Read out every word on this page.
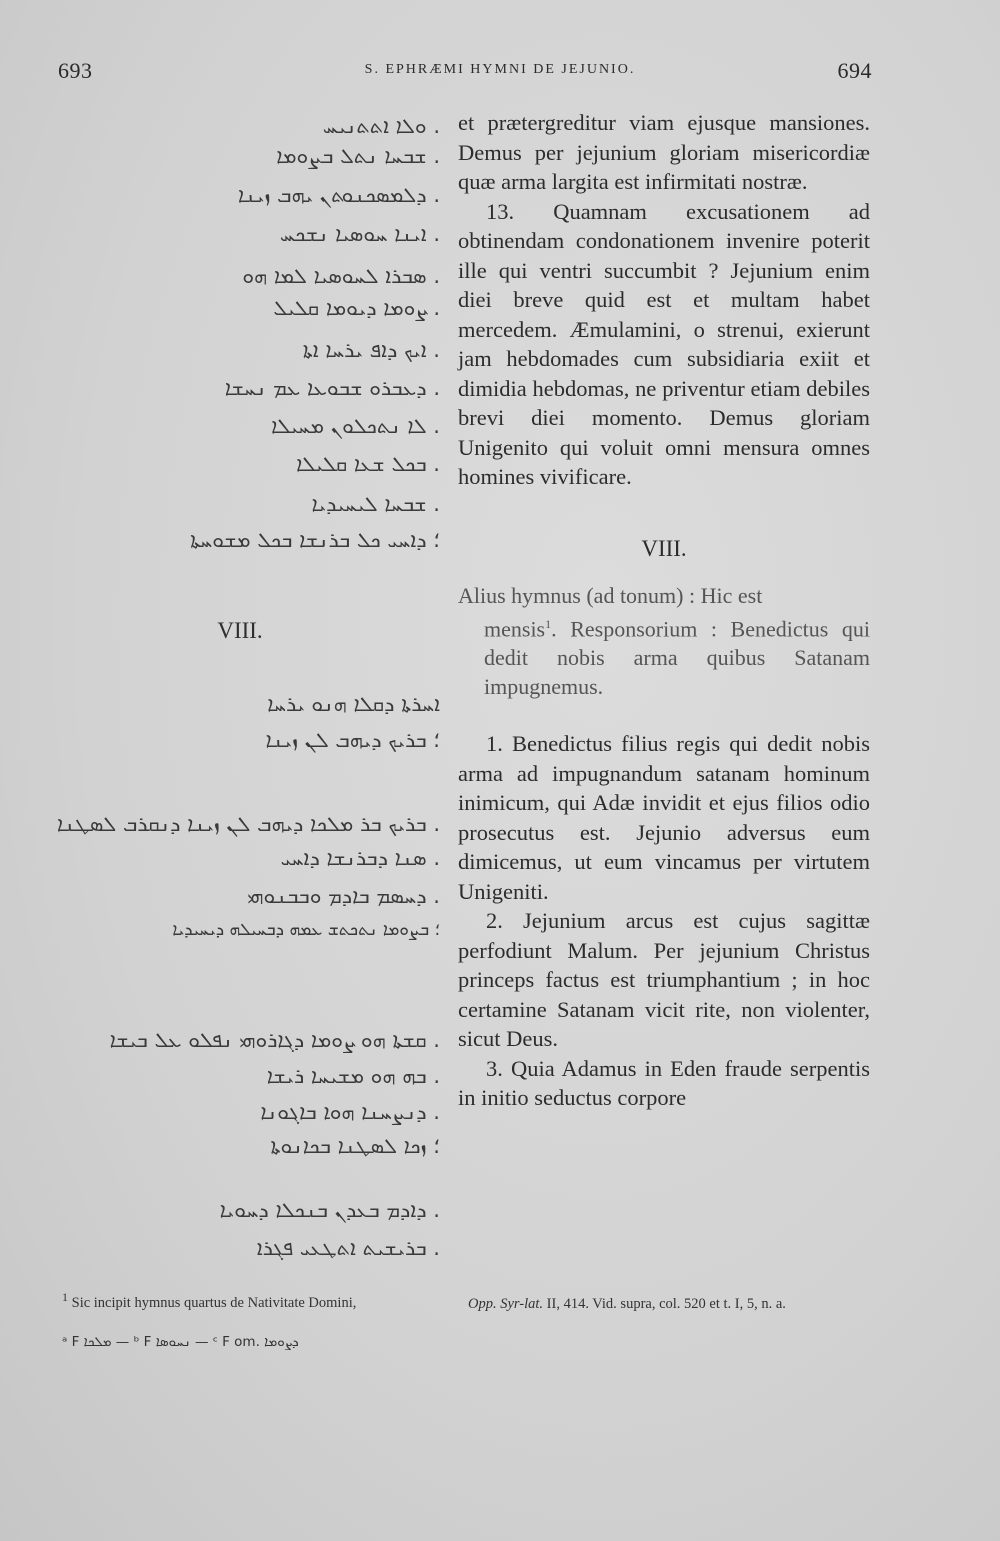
693	S. EPHRÆMI HYMNI DE JEJUNIO.	694
. ܘܠܐ ܐܬܬܢܝܚ
. ܫܒܚܐ ܢܬܠ ܒܨܘܡܐ
. ܕܠܡܣܟܢܘܬܢ ܝܗܒ ܙܝܢܐ
. ܐܝܢܐ ܚܘܣܝܐ ܢܫܟܚ
. ܣܒܪܐ ܠܚܘܣܝܐ ܠܡܐ ܗܘ
. ܨܘܡܐ ܕܝܘܡܐ ܩܠܝܠ
. ܐܝܟ ܕܐܦ ܝܪܚܐ ܐܬܐ
. ܕܥܒܪܘ ܫܒܘܥܐ ܥܡ ܢܚܫܐ
. ܠܐ ܢܬܟܠܘܢ ܡܚܝܠܐ
. ܒܟܠ ܫܥܐ ܩܠܝܠܐ
. ܫܒܚܐ ܠܝܚܝܕܝܐ
؛ ܕܐܚܝ ܟܠ ܒܪܢܫܐ ܒܟܠ ܡܫܘܚܬܐ
VIII.
ܐܚܪܬܐ ܕܩܠܐ ܗܢܘ ܝܪܚܐ
؛ ܒܪܝܟ ܕܝܗܒ ܠܢ ܙܝܢܐ
. ܒܪܝܟ ܒܪ ܡܠܟܐ ܕܝܗܒ ܠܢ ܙܝܢܐ ܕܢܩܪܒ ܠܣܛܢܐ
. ܣܢܐ ܕܒܪܢܫܐ ܕܐܚܝ
. ܕܚܣܡ ܒܐܕܡ ܘܒܒܢܘܗܝ
؛ ܒܨܘܡܐ ܢܬܟܬܫ ܥܡܗ ܕܒܚܝܠܗ ܕܝܚܝܕܝܐ
. ܩܫܬܐ ܗܘ ܨܘܡܐ ܕܓܐܪܘܗܝ ܢܦܠܘ ܥܠ ܒܝܫܐ
. ܒܗ ܗܘ ܡܫܝܚܐ ܪܝܫܐ
. ܕܢܨܚܢܐ ܗܘܐ ܒܐܓܘܢܐ
؛ ܙܟܐ ܠܣܛܢܐ ܒܟܐܢܘܬܐ
. ܕܐܕܡ ܒܥܕܢ ܒܢܟܠܐ ܕܚܘܝܐ
. ܒܪܝܫܝܬ ܐܬܛܥܝ ܦܓܪܐ

et prætergreditur viam ejusque mansiones. Demus per jejunium gloriam misericordiæ quæ arma largita est infirmitati nostræ.

13. Quamnam excusationem ad obtinendam condonationem invenire poterit ille qui ventri succumbit ? Jejunium enim diei breve quid est et multam habet mercedem. Æmulamini, o strenui, exierunt jam hebdomades cum subsidiaria exiit et dimidia hebdomas, ne priventur etiam debiles brevi diei momento. Demus gloriam Unigenito qui voluit omni mensura omnes homines vivificare.

VIII.

Alius hymnus (ad tonum) : Hic est
mensis$^1$. Responsorium : Benedictus qui dedit nobis arma quibus Satanam impugnemus.

1. Benedictus filius regis qui dedit nobis arma ad impugnandum satanam hominum inimicum, qui Adæ invidit et ejus filios odio prosecutus est. Jejunio adversus eum dimicemus, ut eum vincamus per virtutem Unigeniti.

2. Jejunium arcus est cujus sagittæ perfodiunt Malum. Per jejunium Christus princeps factus est triumphantium ; in hoc certamine Satanam vicit rite, non violenter, sicut Deus.

3. Quia Adamus in Eden fraude serpentis in initio seductus corpore

$^1$ Sic incipit hymnus quartus de Nativitate Domini,	Opp. Syr-lat. II, 414. Vid. supra, col. 520 et t. I, 5, n. a.
ᵃ F ܡܠܟܐ — ᵇ F ܢܚܘܣܐ — ᶜ F om. ܕܨܘܡܐ
